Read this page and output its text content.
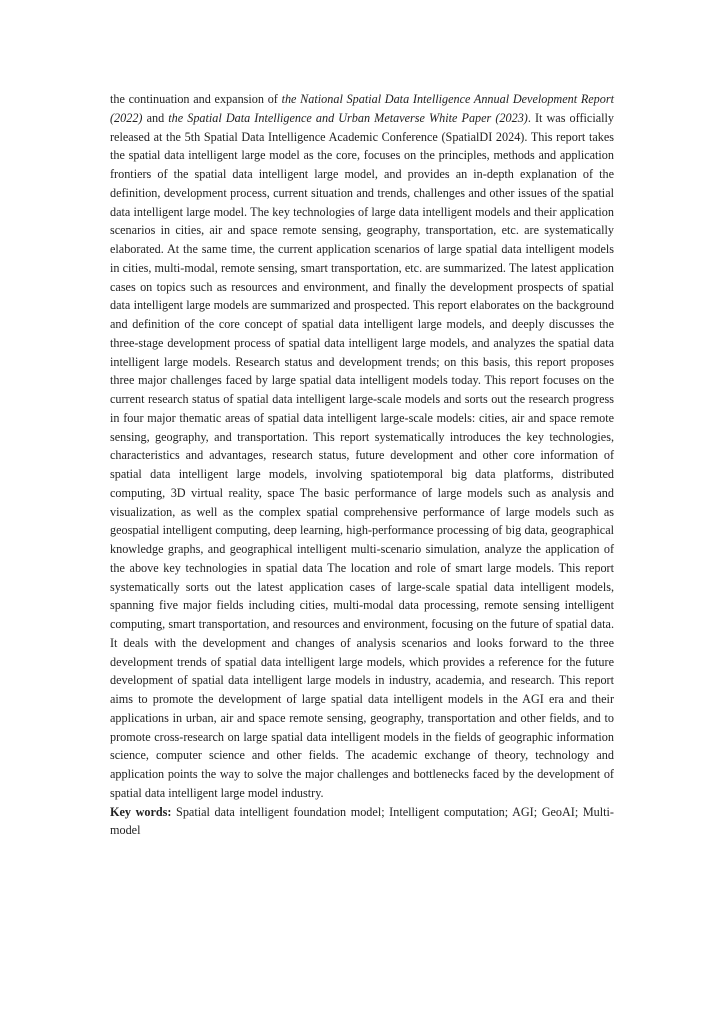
the continuation and expansion of the National Spatial Data Intelligence Annual Development Report (2022) and the Spatial Data Intelligence and Urban Metaverse White Paper (2023). It was officially released at the 5th Spatial Data Intelligence Academic Conference (SpatialDI 2024). This report takes the spatial data intelligent large model as the core, focuses on the principles, methods and application frontiers of the spatial data intelligent large model, and provides an in-depth explanation of the definition, development process, current situation and trends, challenges and other issues of the spatial data intelligent large model. The key technologies of large data intelligent models and their application scenarios in cities, air and space remote sensing, geography, transportation, etc. are systematically elaborated. At the same time, the current application scenarios of large spatial data intelligent models in cities, multi-modal, remote sensing, smart transportation, etc. are summarized. The latest application cases on topics such as resources and environment, and finally the development prospects of spatial data intelligent large models are summarized and prospected. This report elaborates on the background and definition of the core concept of spatial data intelligent large models, and deeply discusses the three-stage development process of spatial data intelligent large models, and analyzes the spatial data intelligent large models. Research status and development trends; on this basis, this report proposes three major challenges faced by large spatial data intelligent models today. This report focuses on the current research status of spatial data intelligent large-scale models and sorts out the research progress in four major thematic areas of spatial data intelligent large-scale models: cities, air and space remote sensing, geography, and transportation. This report systematically introduces the key technologies, characteristics and advantages, research status, future development and other core information of spatial data intelligent large models, involving spatiotemporal big data platforms, distributed computing, 3D virtual reality, space The basic performance of large models such as analysis and visualization, as well as the complex spatial comprehensive performance of large models such as geospatial intelligent computing, deep learning, high-performance processing of big data, geographical knowledge graphs, and geographical intelligent multi-scenario simulation, analyze the application of the above key technologies in spatial data The location and role of smart large models. This report systematically sorts out the latest application cases of large-scale spatial data intelligent models, spanning five major fields including cities, multi-modal data processing, remote sensing intelligent computing, smart transportation, and resources and environment, focusing on the future of spatial data. It deals with the development and changes of analysis scenarios and looks forward to the three development trends of spatial data intelligent large models, which provides a reference for the future development of spatial data intelligent large models in industry, academia, and research. This report aims to promote the development of large spatial data intelligent models in the AGI era and their applications in urban, air and space remote sensing, geography, transportation and other fields, and to promote cross-research on large spatial data intelligent models in the fields of geographic information science, computer science and other fields. The academic exchange of theory, technology and application points the way to solve the major challenges and bottlenecks faced by the development of spatial data intelligent large model industry.

Key words: Spatial data intelligent foundation model; Intelligent computation; AGI; GeoAI; Multi-model
